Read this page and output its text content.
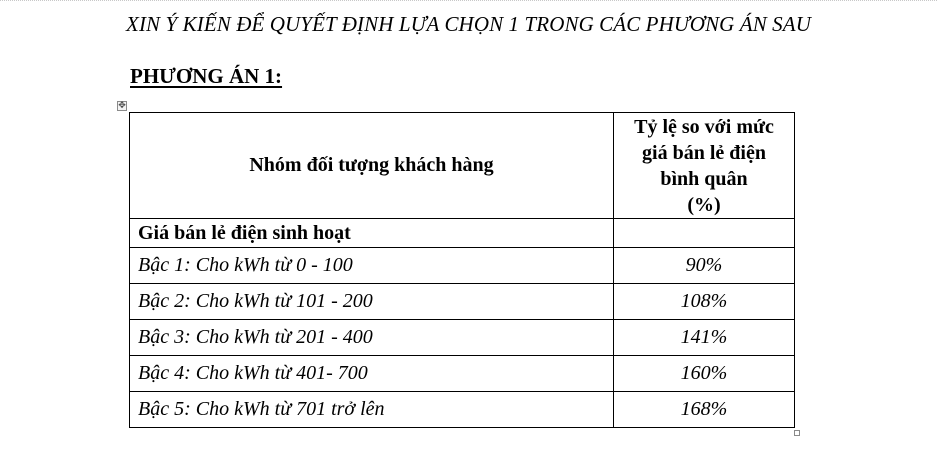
XIN Ý KIẾN ĐỂ QUYẾT ĐỊNH LỰA CHỌN 1 TRONG CÁC PHƯƠNG ÁN SAU
PHƯƠNG ÁN 1:
✥
Nhóm đối tượng khách hàng	Tỷ lệ so với mức
giá bán lẻ điện
bình quân
(%)

Giá bán lẻ điện sinh hoạt	
Bậc 1: Cho kWh từ 0 - 100	90%
Bậc 2: Cho kWh từ 101 - 200	108%
Bậc 3: Cho kWh từ 201 - 400	141%
Bậc 4: Cho kWh từ 401- 700	160%
Bậc 5: Cho kWh từ 701 trở lên	168%
